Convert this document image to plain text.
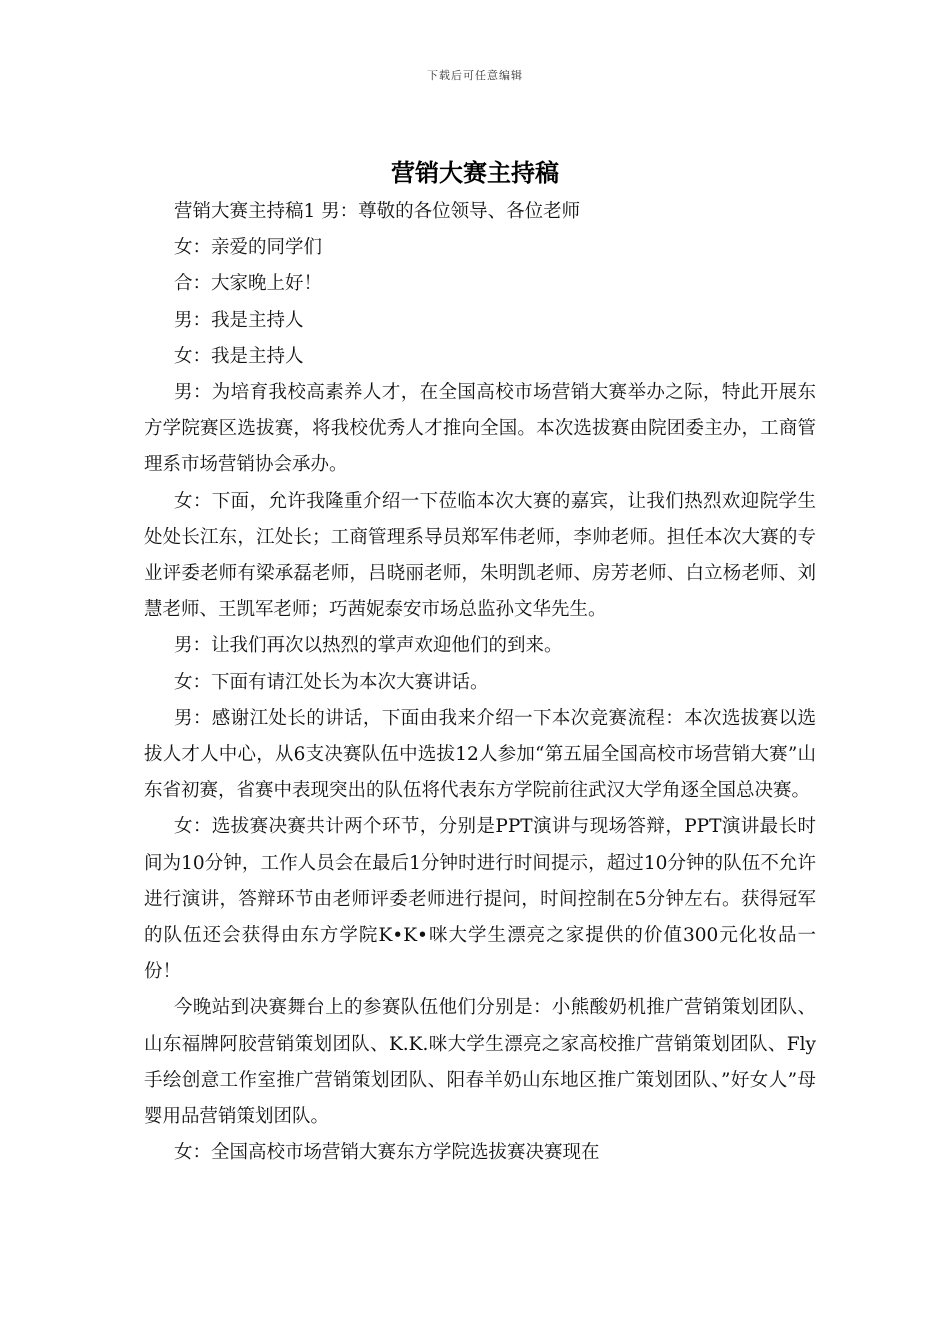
下载后可任意编辑
营销大赛主持稿

营销大赛主持稿1 男：尊敬的各位领导、各位老师

女：亲爱的同学们

合：大家晚上好！

男：我是主持人

女：我是主持人

男：为培育我校高素养人才，在全国高校市场营销大赛举办之际，特此开展东方学院赛区选拔赛，将我校优秀人才推向全国。本次选拔赛由院团委主办，工商管理系市场营销协会承办。

女：下面，允许我隆重介绍一下莅临本次大赛的嘉宾，让我们热烈欢迎院学生处处长江东，江处长；工商管理系导员郑军伟老师，李帅老师。担任本次大赛的专业评委老师有梁承磊老师，吕晓丽老师，朱明凯老师、房芳老师、白立杨老师、刘慧老师、王凯军老师；巧茜妮泰安市场总监孙文华先生。

男：让我们再次以热烈的掌声欢迎他们的到来。

女：下面有请江处长为本次大赛讲话。

男：感谢江处长的讲话，下面由我来介绍一下本次竞赛流程：本次选拔赛以选拔人才人中心，从6支决赛队伍中选拔12人参加“第五届全国高校市场营销大赛”山东省初赛，省赛中表现突出的队伍将代表东方学院前往武汉大学角逐全国总决赛。

女：选拔赛决赛共计两个环节，分别是PPT演讲与现场答辩，PPT演讲最长时间为10分钟，工作人员会在最后1分钟时进行时间提示，超过10分钟的队伍不允许进行演讲，答辩环节由老师评委老师进行提问，时间控制在5分钟左右。获得冠军的队伍还会获得由东方学院K•K•咪大学生漂亮之家提供的价值300元化妆品一份！

今晚站到决赛舞台上的参赛队伍他们分别是：小熊酸奶机推广营销策划团队、山东福牌阿胶营销策划团队、K.K.咪大学生漂亮之家高校推广营销策划团队、Fly手绘创意工作室推广营销策划团队、阳春羊奶山东地区推广策划团队、”好女人”母婴用品营销策划团队。

女：全国高校市场营销大赛东方学院选拔赛决赛现在
